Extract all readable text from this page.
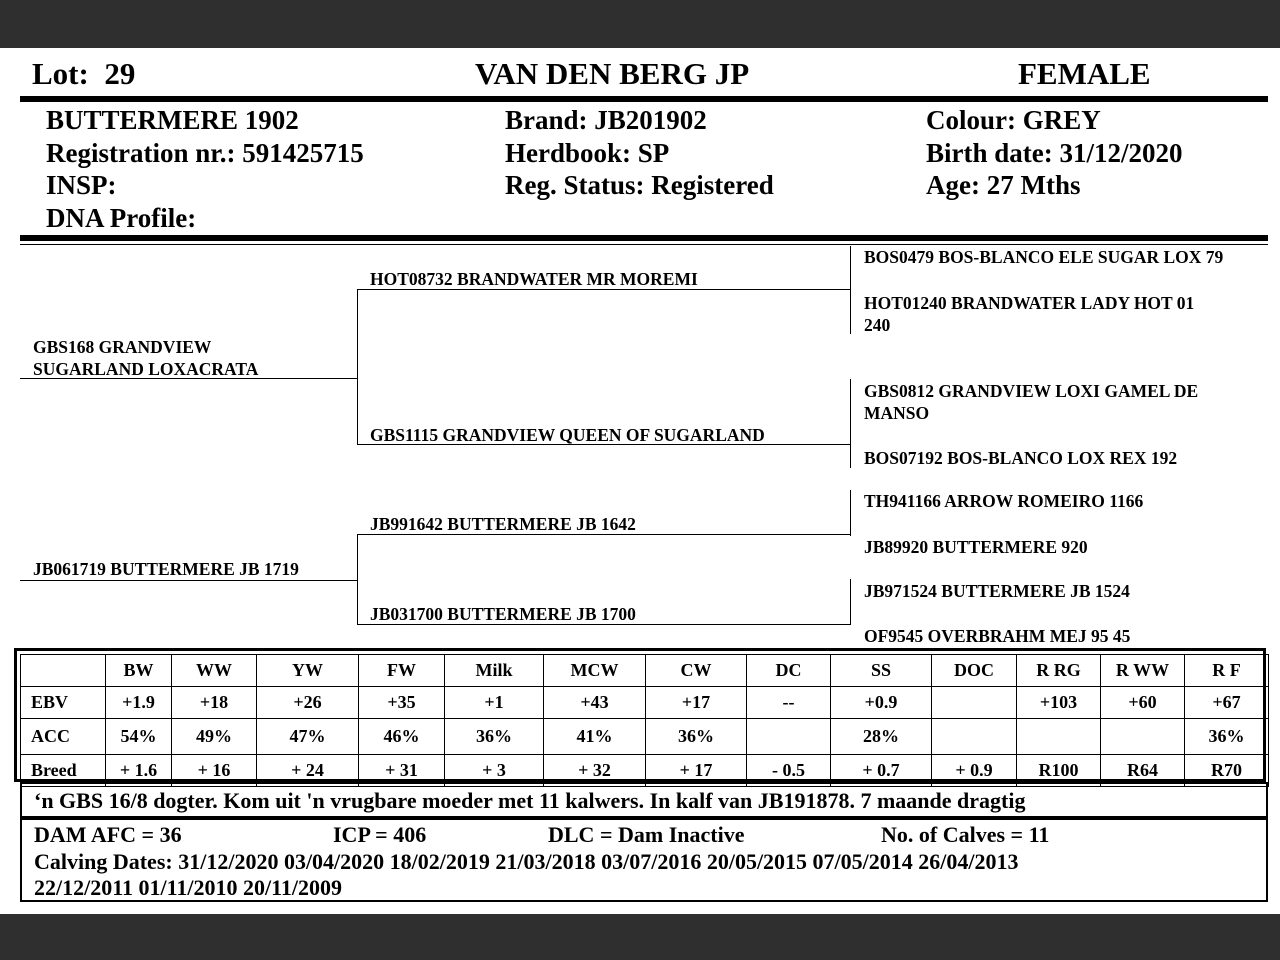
Lot: 29	VAN DEN BERG JP	FEMALE
BUTTERMERE 1902
Registration nr.: 591425715
INSP:
DNA Profile:
Brand: JB201902
Herdbook: SP
Reg. Status: Registered
Colour: GREY
Birth date: 31/12/2020
Age: 27 Mths
GBS168 GRANDVIEW
SUGARLAND LOXACRATA
JB061719 BUTTERMERE JB 1719
HOT08732 BRANDWATER MR MOREMI
GBS1115 GRANDVIEW QUEEN OF SUGARLAND
JB991642 BUTTERMERE JB 1642
JB031700 BUTTERMERE JB 1700
BOS0479 BOS-BLANCO ELE SUGAR LOX 79
HOT01240 BRANDWATER LADY HOT 01
240
GBS0812 GRANDVIEW LOXI GAMEL DE
MANSO
BOS07192 BOS-BLANCO LOX REX 192
TH941166 ARROW ROMEIRO 1166
JB89920 BUTTERMERE 920
JB971524 BUTTERMERE JB 1524
OF9545 OVERBRAHM MEJ 95 45
	BW	WW	YW	FW	Milk	MCW	CW	DC	SS	DOC	R RG	R WW	R F
EBV	+1.9	+18	+26	+35	+1	+43	+17	--	+0.9		+103	+60	+67
ACC	54%	49%	47%	46%	36%	41%	36%		28%				36%
Breed	+ 1.6	+ 16	+ 24	+ 31	+ 3	+ 32	+ 17	- 0.5	+ 0.7	+ 0.9	R100	R64	R70
‘n GBS 16/8 dogter. Kom uit 'n vrugbare moeder met 11 kalwers. In kalf van JB191878. 7 maande dragtig
DAM AFC = 36	ICP = 406	DLC = Dam Inactive	No. of Calves = 11
Calving Dates: 31/12/2020 03/04/2020 18/02/2019 21/03/2018 03/07/2016 20/05/2015 07/05/2014 26/04/2013
22/12/2011 01/11/2010 20/11/2009
